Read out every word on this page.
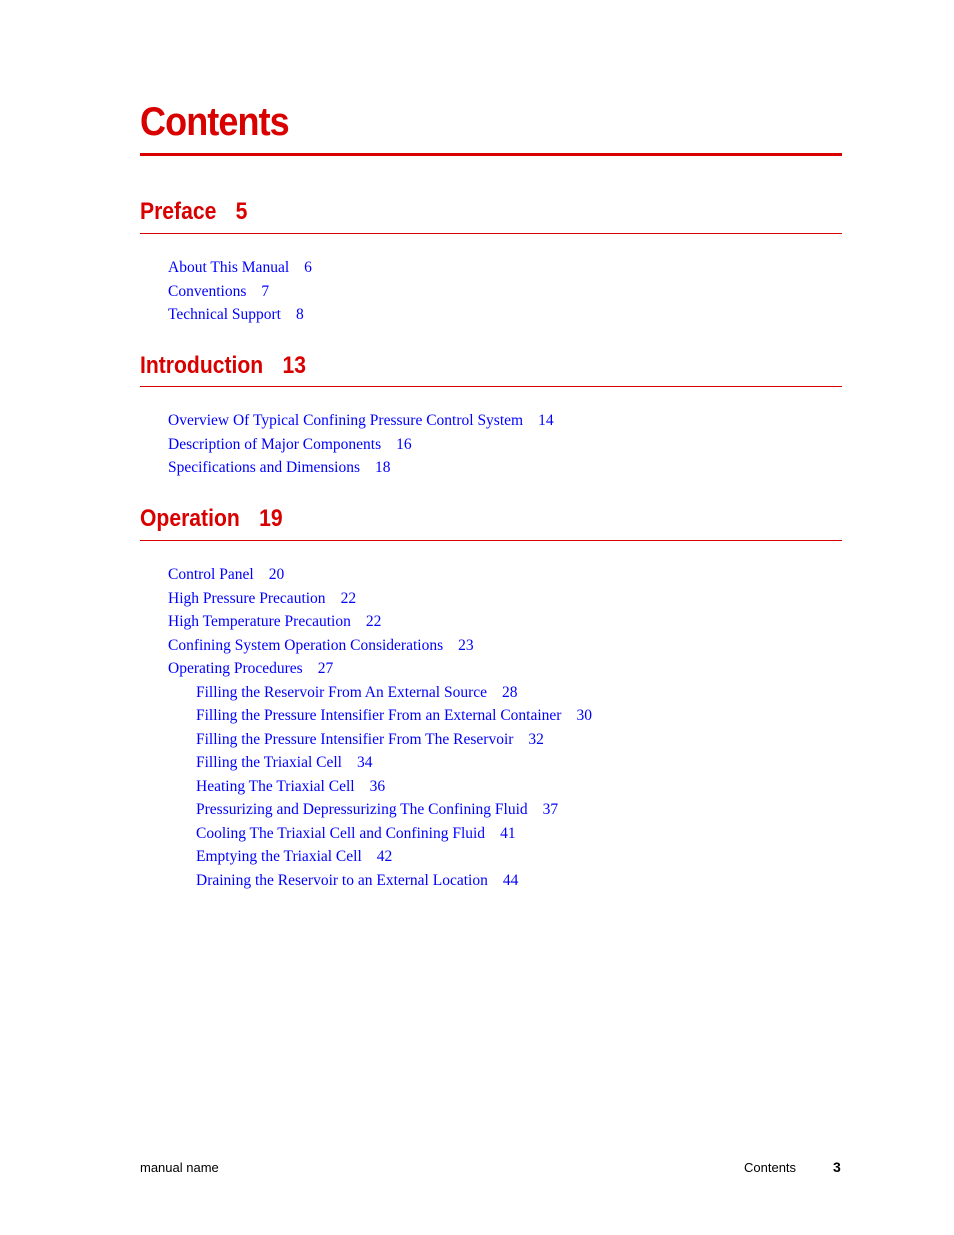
Contents
Preface 5
About This Manual 6
Conventions 7
Technical Support 8
Introduction 13
Overview Of Typical Confining Pressure Control System 14
Description of Major Components 16
Specifications and Dimensions 18
Operation 19
Control Panel 20
High Pressure Precaution 22
High Temperature Precaution 22
Confining System Operation Considerations 23
Operating Procedures 27
Filling the Reservoir From An External Source 28
Filling the Pressure Intensifier From an External Container 30
Filling the Pressure Intensifier From The Reservoir 32
Filling the Triaxial Cell 34
Heating The Triaxial Cell 36
Pressurizing and Depressurizing The Confining Fluid 37
Cooling The Triaxial Cell and Confining Fluid 41
Emptying the Triaxial Cell 42
Draining the Reservoir to an External Location 44
manual name	Contents	3
